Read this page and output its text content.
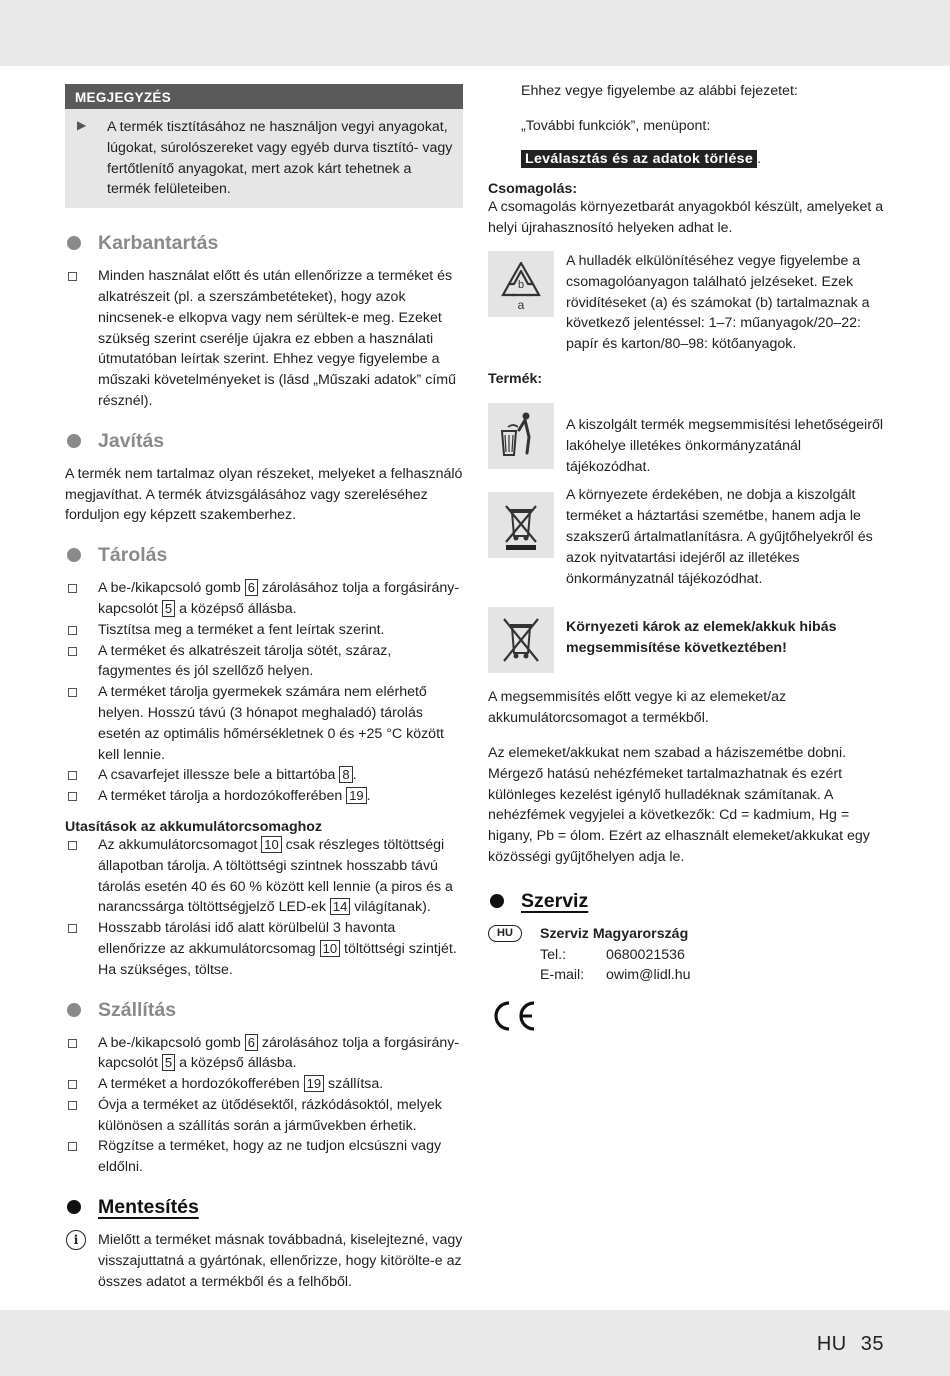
MEGJEGYZÉS
▶ A termék tisztításához ne használjon vegyi anyagokat, lúgokat, súrolószereket vagy egyéb durva tisztító- vagy fertőtlenítő anyagokat, mert azok kárt tehetnek a termék felületeiben.

Karbantartás
Minden használat előtt és után ellenőrizze a terméket és alkatrészeit (pl. a szerszámbetéteket), hogy azok nincsenek-e elkopva vagy nem sérültek-e meg. Ezeket szükség szerint cserélje újakra ez ebben a használati útmutatóban leírtak szerint. Ehhez vegye figyelembe a műszaki követelményeket is (lásd „Műszaki adatok” című résznél).
Javítás

A termék nem tartalmaz olyan részeket, melyeket a felhasználó megjavíthat. A termék átvizsgálásához vagy szereléséhez forduljon egy képzett szakemberhez.

Tárolás
A be-/kikapcsoló gomb 6 zárolásához tolja a forgásirány-kapcsolót 5 a középső állásba.
Tisztítsa meg a terméket a fent leírtak szerint.
A terméket és alkatrészeit tárolja sötét, száraz, fagymentes és jól szellőző helyen.
A terméket tárolja gyermekek számára nem elérhető helyen. Hosszú távú (3 hónapot meghaladó) tárolás esetén az optimális hőmérsékletnek 0 és +25 °C között kell lennie.
A csavarfejet illessze bele a bittartóba 8 .
A terméket tárolja a hordozókofferében 19 .
Utasítások az akkumulátorcsomaghoz
Az akkumulátorcsomagot 10 csak részleges töltöttségi állapotban tárolja. A töltöttségi szintnek hosszabb távú tárolás esetén 40 és 60 % között kell lennie (a piros és a narancssárga töltöttségjelző LED-ek 14 világítanak).
Hosszabb tárolási idő alatt körülbelül 3 havonta ellenőrizze az akkumulátorcsomag 10 töltöttségi szintjét. Ha szükséges, töltse.
Szállítás
A be-/kikapcsoló gomb 6 zárolásához tolja a forgásirány-kapcsolót 5 a középső állásba.
A terméket a hordozókofferében 19 szállítsa.
Óvja a terméket az ütődésektől, rázkódásoktól, melyek különösen a szállítás során a járművekben érhetik.
Rögzítse a terméket, hogy az ne tudjon elcsúszni vagy eldőlni.
Mentesítés
i	Mielőtt a terméket másnak továbbadná, kiselejtezné, vagy visszajuttatná a gyártónak, ellenőrizze, hogy kitörölte-e az összes adatot a termékből és a felhőből.

Ehhez vegye figyelembe az alábbi fejezetet:

„További funkciók”, menüpont:

Leválasztás és az adatok törlése .

Csomagolás:

A csomagolás környezetbarát anyagokból készült, amelyeket a helyi újrahasznosító helyeken adhat le.

b
a

A hulladék elkülönítéséhez vegye figyelembe a csomagolóanyagon található jelzéseket. Ezek rövidítéseket (a) és számokat (b) tartalmaznak a következő jelentéssel: 1–7: műanyagok/20–22: papír és karton/80–98: kötőanyagok.

Termék:

A kiszolgált termék megsemmisítési lehetőségeiről lakóhelye illetékes önkormányzatánál tájékozódhat.

A környezete érdekében, ne dobja a kiszolgált terméket a háztartási szemétbe, hanem adja le szakszerű ártalmatlanításra. A gyűjtőhelyekről és azok nyitvatartási idejéről az illetékes önkormányzatnál tájékozódhat.

Környezeti károk az elemek/akkuk hibás megsemmisítése következtében!

A megsemmisítés előtt vegye ki az elemeket/az akkumulátorcsomagot a termékből.

Az elemeket/akkukat nem szabad a háziszemétbe dobni. Mérgező hatású nehézfémeket tartalmazhatnak és ezért különleges kezelést igénylő hulladéknak számítanak. A nehézfémek vegyjelei a következők: Cd = kadmium, Hg = higany, Pb = ólom. Ezért az elhasznált elemeket/akkukat egy közösségi gyűjtőhelyen adja le.

Szerviz
HU	Szerviz Magyarország
Tel.:	0680021536
E-mail:	owim@lidl.hu
HU 35
